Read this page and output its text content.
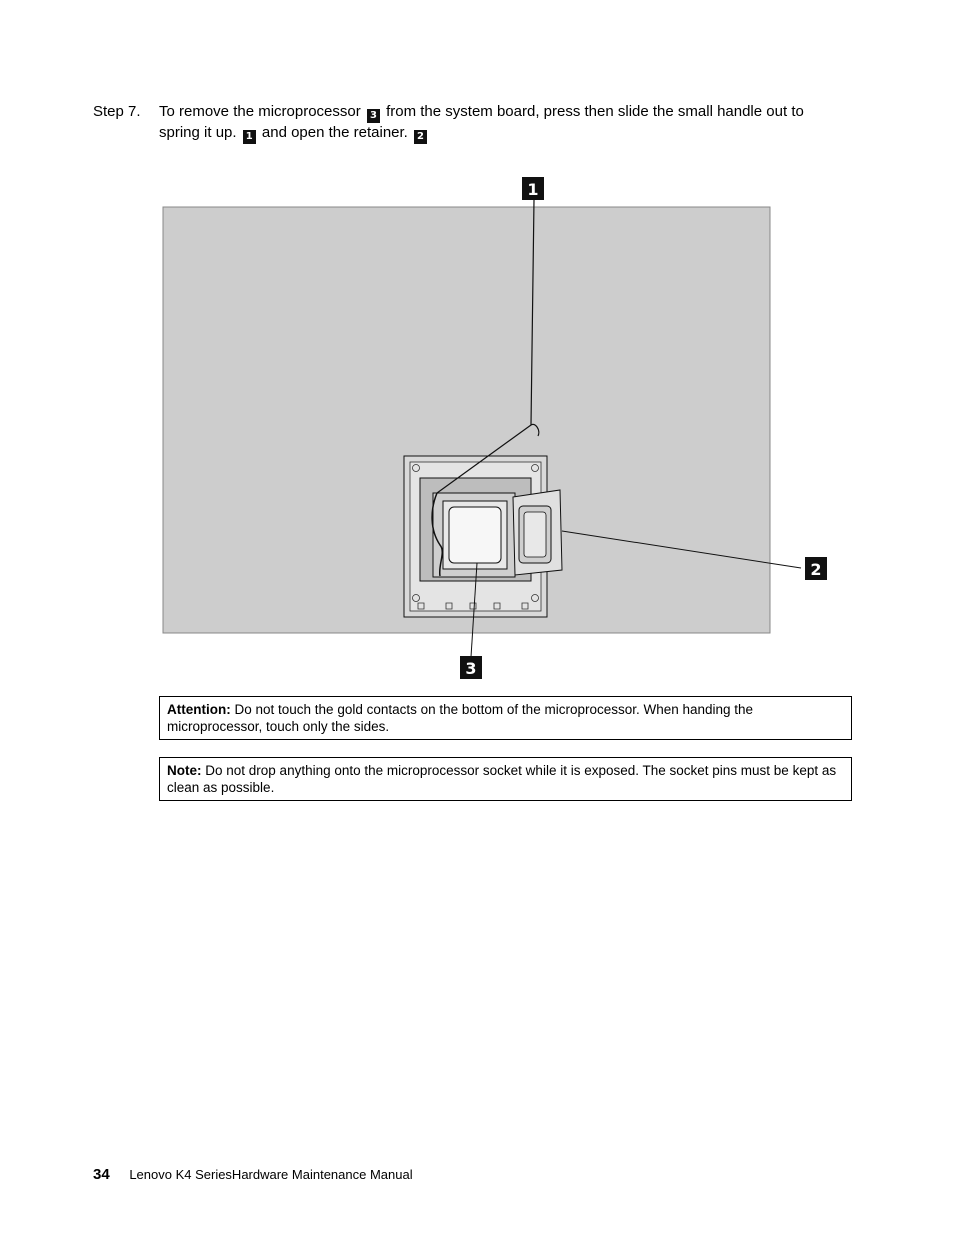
Step 7. To remove the microprocessor 3 from the system board, press then slide the small handle out to spring it up. 1 and open the retainer. 2
1
2
3
Attention: Do not touch the gold contacts on the bottom of the microprocessor. When handing the microprocessor, touch only the sides.
Note: Do not drop anything onto the microprocessor socket while it is exposed. The socket pins must be kept as clean as possible.
34 Lenovo K4 SeriesHardware Maintenance Manual
